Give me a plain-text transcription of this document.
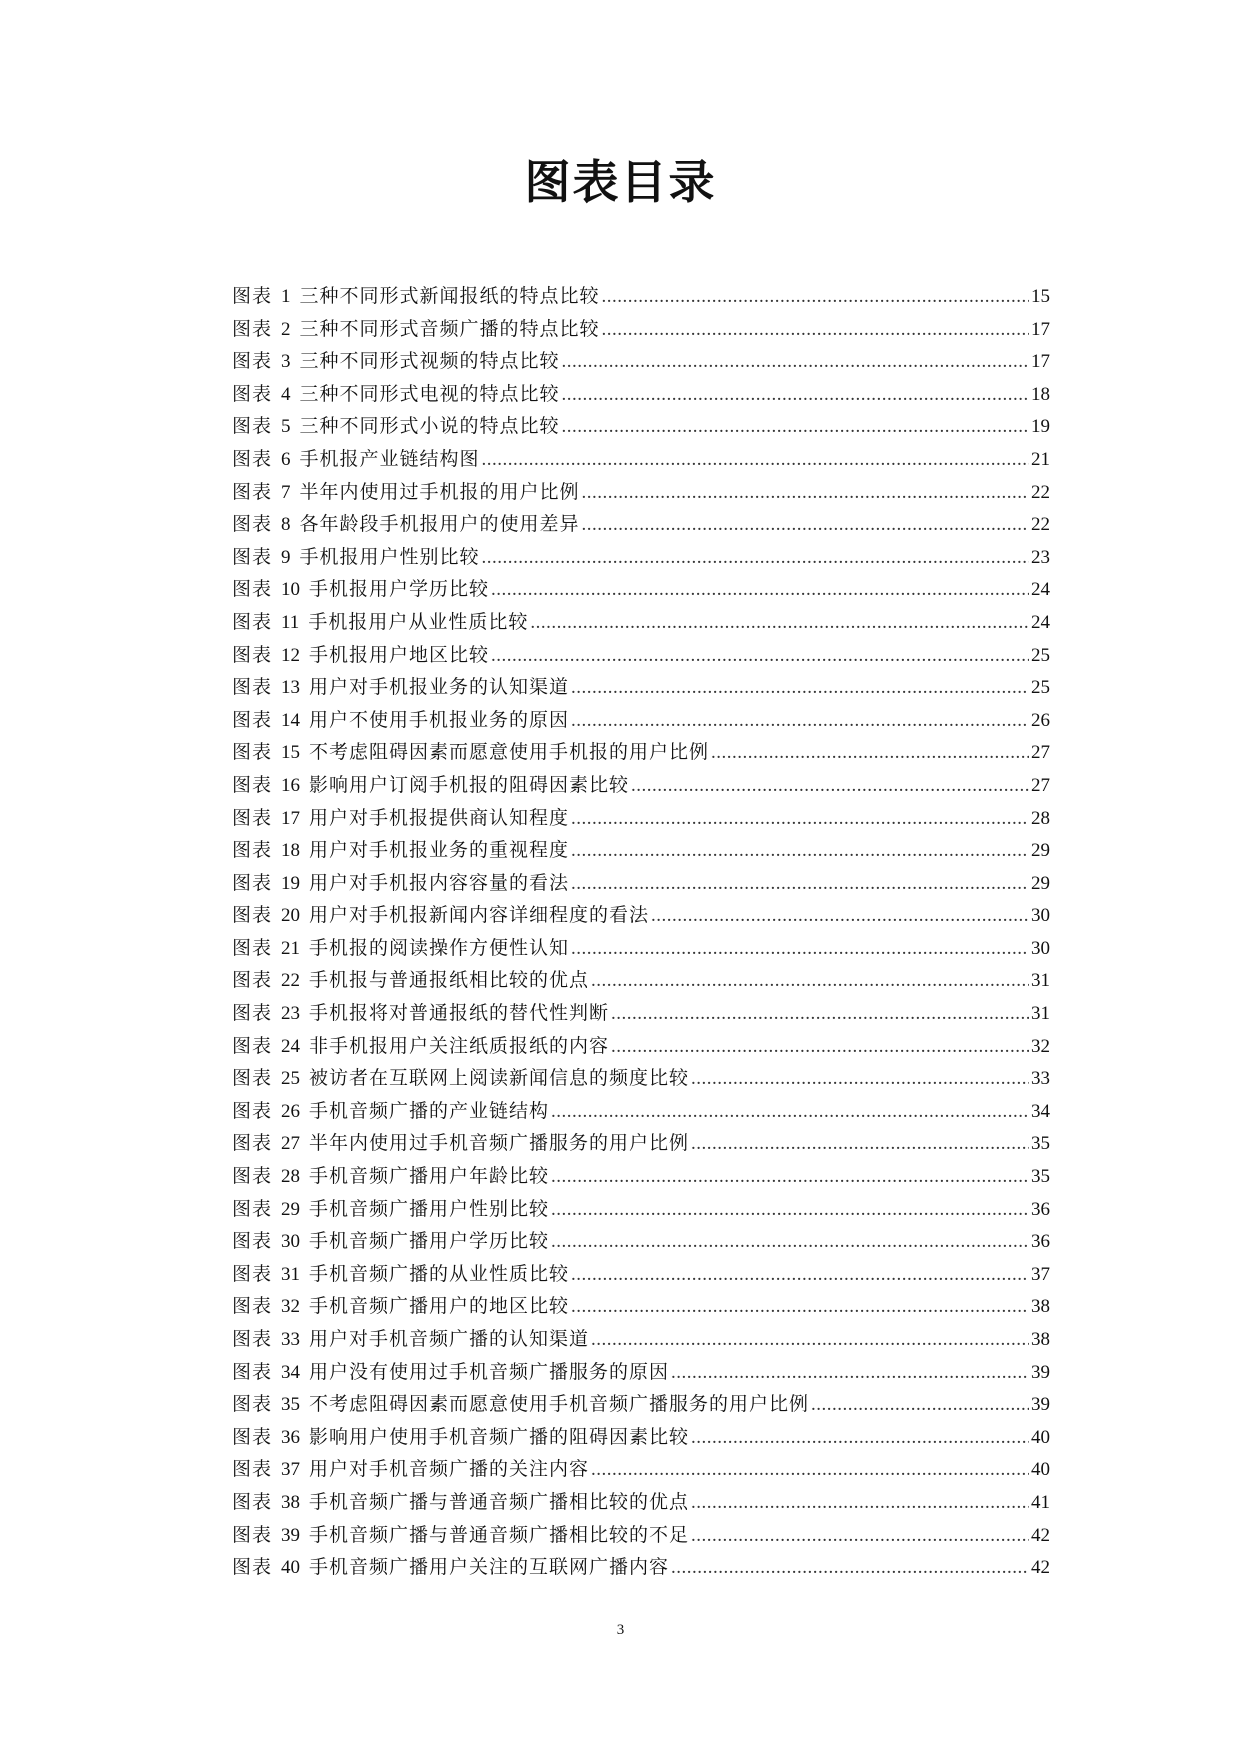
图表目录
图表 1 三种不同形式新闻报纸的特点比较 .....	15
图表 2 三种不同形式音频广播的特点比较 .....	17
图表 3 三种不同形式视频的特点比较 .....	17
图表 4 三种不同形式电视的特点比较 .....	18
图表 5 三种不同形式小说的特点比较 .....	19
图表 6 手机报产业链结构图 .....	21
图表 7 半年内使用过手机报的用户比例 .....	22
图表 8 各年龄段手机报用户的使用差异 .....	22
图表 9 手机报用户性别比较 .....	23
图表 10 手机报用户学历比较 .....	24
图表 11 手机报用户从业性质比较 .....	24
图表 12 手机报用户地区比较 .....	25
图表 13 用户对手机报业务的认知渠道 .....	25
图表 14 用户不使用手机报业务的原因 .....	26
图表 15 不考虑阻碍因素而愿意使用手机报的用户比例 .....	27
图表 16 影响用户订阅手机报的阻碍因素比较 .....	27
图表 17 用户对手机报提供商认知程度 .....	28
图表 18 用户对手机报业务的重视程度 .....	29
图表 19 用户对手机报内容容量的看法 .....	29
图表 20 用户对手机报新闻内容详细程度的看法 .....	30
图表 21 手机报的阅读操作方便性认知 .....	30
图表 22 手机报与普通报纸相比较的优点 .....	31
图表 23 手机报将对普通报纸的替代性判断 .....	31
图表 24 非手机报用户关注纸质报纸的内容 .....	32
图表 25 被访者在互联网上阅读新闻信息的频度比较 .....	33
图表 26 手机音频广播的产业链结构 .....	34
图表 27 半年内使用过手机音频广播服务的用户比例 .....	35
图表 28 手机音频广播用户年龄比较 .....	35
图表 29 手机音频广播用户性别比较 .....	36
图表 30 手机音频广播用户学历比较 .....	36
图表 31 手机音频广播的从业性质比较 .....	37
图表 32 手机音频广播用户的地区比较 .....	38
图表 33 用户对手机音频广播的认知渠道 .....	38
图表 34 用户没有使用过手机音频广播服务的原因 .....	39
图表 35 不考虑阻碍因素而愿意使用手机音频广播服务的用户比例 .....	39
图表 36 影响用户使用手机音频广播的阻碍因素比较 .....	40
图表 37 用户对手机音频广播的关注内容 .....	40
图表 38 手机音频广播与普通音频广播相比较的优点 .....	41
图表 39 手机音频广播与普通音频广播相比较的不足 .....	42
图表 40 手机音频广播用户关注的互联网广播内容 .....	42
3
